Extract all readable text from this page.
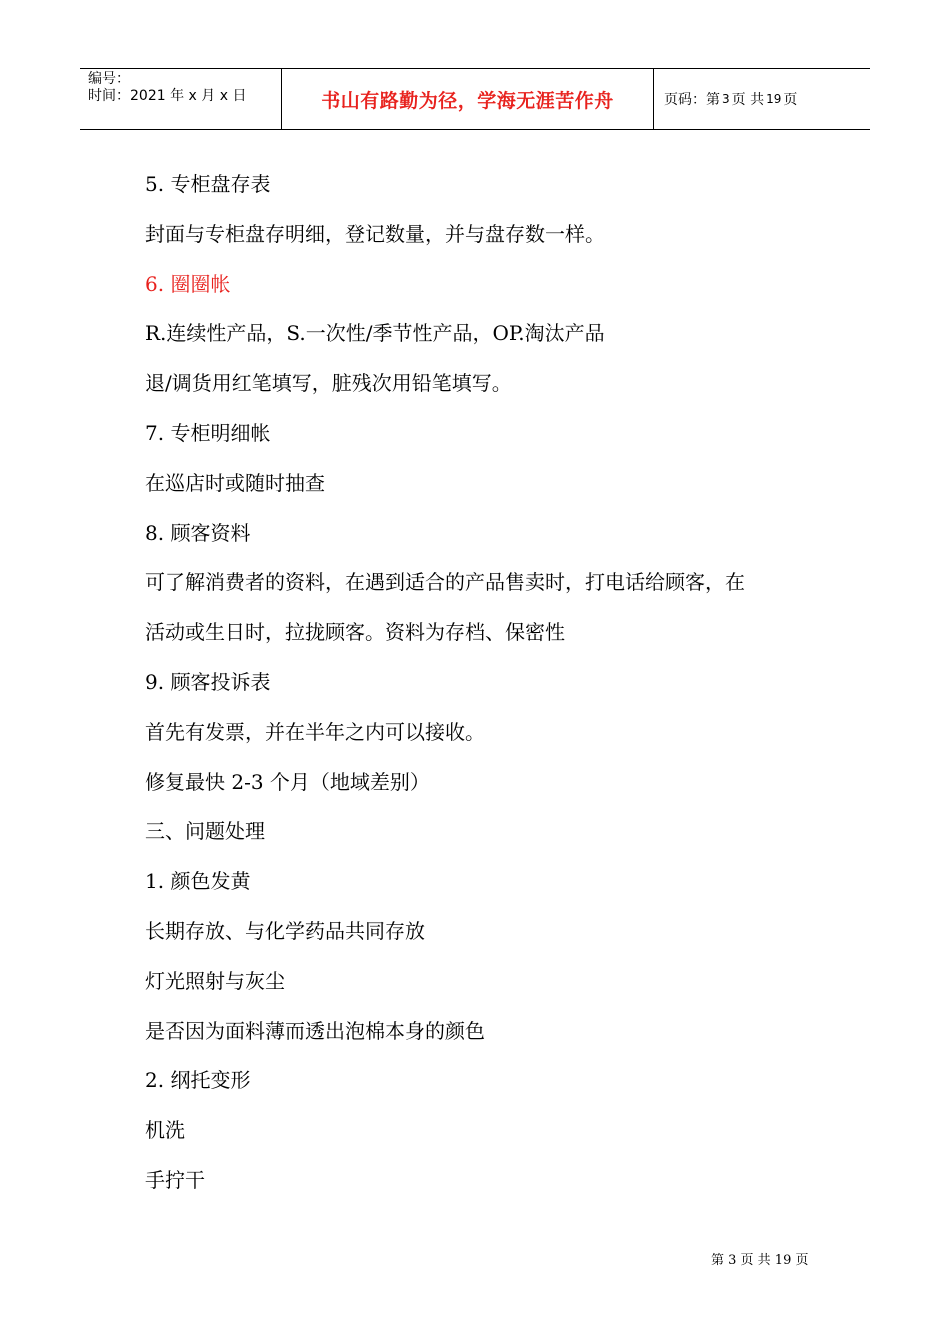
编号：
时间：2021 年 x 月 x 日	书山有路勤为径，学海无涯苦作舟	页码：第 3 页 共 19 页
5. 专柜盘存表
封面与专柜盘存明细，登记数量，并与盘存数一样。
6. 圈圈帐
R.连续性产品，S.一次性/季节性产品，OP.淘汰产品
退/调货用红笔填写，脏残次用铅笔填写。
7. 专柜明细帐
在巡店时或随时抽查
8. 顾客资料
可了解消费者的资料，在遇到适合的产品售卖时，打电话给顾客，在
活动或生日时，拉拢顾客。资料为存档、保密性
9. 顾客投诉表
首先有发票，并在半年之内可以接收。
修复最快 2-3 个月（地域差别）
三、问题处理
1. 颜色发黄
长期存放、与化学药品共同存放
灯光照射与灰尘
是否因为面料薄而透出泡棉本身的颜色
2. 纲托变形
机洗
手拧干
第 3 页 共 19 页
